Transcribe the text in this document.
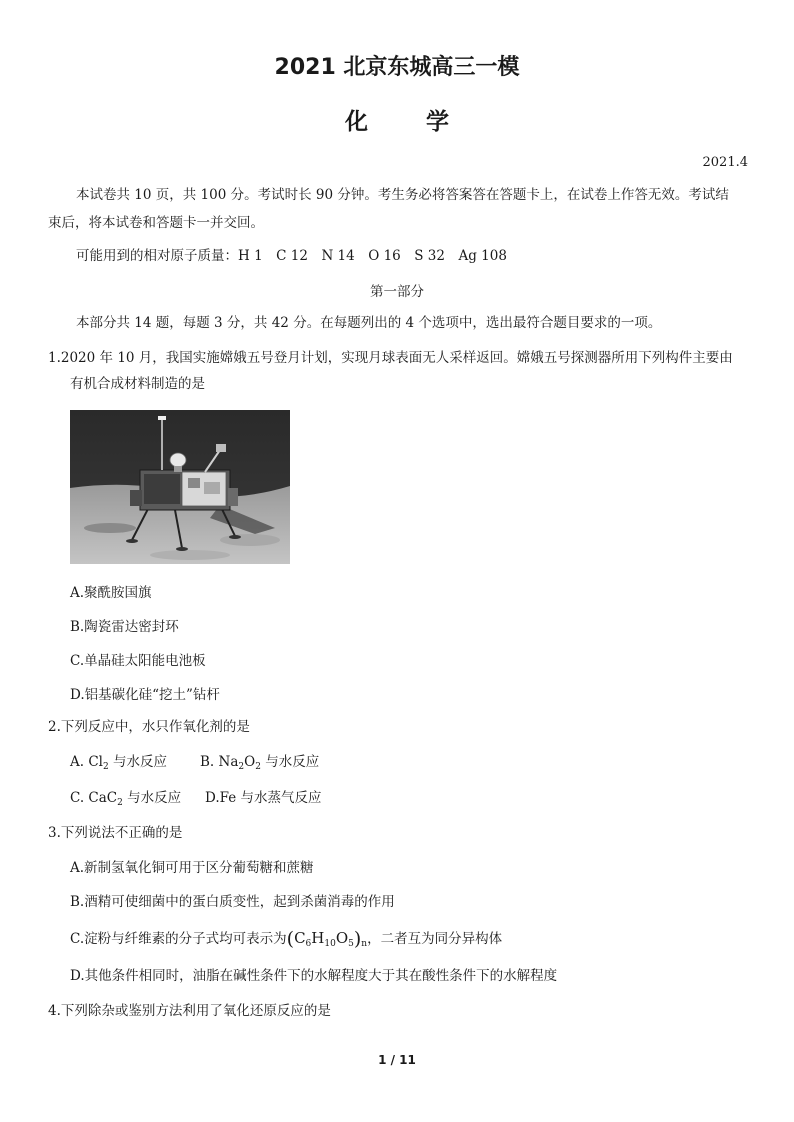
2021 北京东城高三一模
化	学
2021.4
本试卷共 10 页，共 100 分。考试时长 90 分钟。考生务必将答案答在答题卡上，在试卷上作答无效。考试结
束后，将本试卷和答题卡一并交回。
可能用到的相对原子质量：H 1　C 12　N 14　O 16　S 32　Ag 108
第一部分
本部分共 14 题，每题 3 分，共 42 分。在每题列出的 4 个选项中，选出最符合题目要求的一项。
1.2020 年 10 月，我国实施嫦娥五号登月计划，实现月球表面无人采样返回。嫦娥五号探测器所用下列构件主要由
有机合成材料制造的是
A.聚酰胺国旗
B.陶瓷雷达密封环
C.单晶硅太阳能电池板
D.铝基碳化硅“挖土”钻杆
2.下列反应中，水只作氧化剂的是
A. $Cl_2$ 与水反应 B. $Na_2O_2$ 与水反应
C. CaC$_2$ 与水反应 D.Fe 与水蒸气反应
3.下列说法不正确的是
A.新制氢氧化铜可用于区分葡萄糖和蔗糖
B.酒精可使细菌中的蛋白质变性，起到杀菌消毒的作用
C.淀粉与纤维素的分子式均可表示为$(C_6H_{10}O_5)_n$，二者互为同分异构体
D.其他条件相同时，油脂在碱性条件下的水解程度大于其在酸性条件下的水解程度
4.下列除杂或鉴别方法利用了氧化还原反应的是
1 / 11
